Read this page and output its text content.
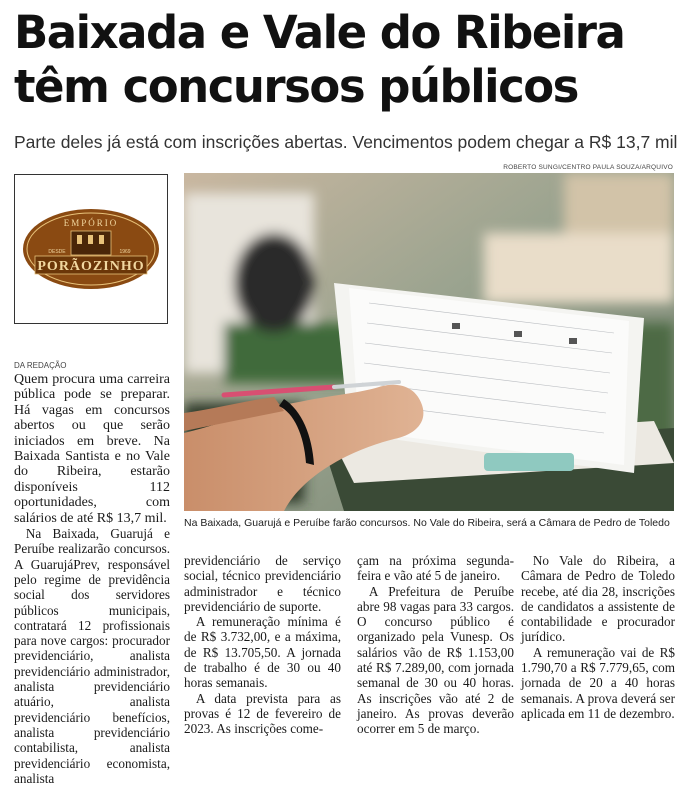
Baixada e Vale do Ribeira
têm concursos públicos
Parte deles já está com inscrições abertas. Vencimentos podem chegar a R$ 13,7 mil
ROBERTO SUNGI/CENTRO PAULA SOUZA/ARQUIVO
EMPÓRIO
DESDE	1969
PORÃOZINHO
Na Baixada, Guarujá e Peruíbe farão concursos. No Vale do Ribeira, será a Câmara de Pedro de Toledo
DA REDAÇÃO

Quem procura uma carreira pública pode se preparar. Há vagas em concursos abertos ou que serão iniciados em breve. Na Baixada Santista e no Vale do Ribeira, estarão disponíveis 112 oportunidades, com salários de até R$ 13,7 mil.

Na Baixada, Guarujá e Peruíbe realizarão concursos. A GuarujáPrev, responsável pelo regime de previdência social dos servidores públicos municipais, contratará 12 profissionais para nove cargos: procurador previdenciário, analista previdenciário administrador, analista previdenciário atuário, analista previdenciário benefícios, analista previdenciário contabilista, analista previdenciário economista, analista

previdenciário de serviço social, técnico previdenciário administrador e técnico previdenciário de suporte.

A remuneração mínima é de R$ 3.732,00, e a máxima, de R$ 13.705,50. A jornada de trabalho é de 30 ou 40 horas semanais.

A data prevista para as provas é 12 de fevereiro de 2023. As inscrições come-

çam na próxima segunda-feira e vão até 5 de janeiro.

A Prefeitura de Peruíbe abre 98 vagas para 33 cargos. O concurso público é organizado pela Vunesp. Os salários vão de R$ 1.153,00 até R$ 7.289,00, com jornada semanal de 30 ou 40 horas. As inscrições vão até 2 de janeiro. As provas deverão ocorrer em 5 de março.

No Vale do Ribeira, a Câmara de Pedro de Toledo recebe, até dia 28, inscrições de candidatos a assistente de contabilidade e procurador jurídico.

A remuneração vai de R$ 1.790,70 a R$ 7.779,65, com jornada de 20 a 40 horas semanais. A prova deverá ser aplicada em 11 de dezembro.
